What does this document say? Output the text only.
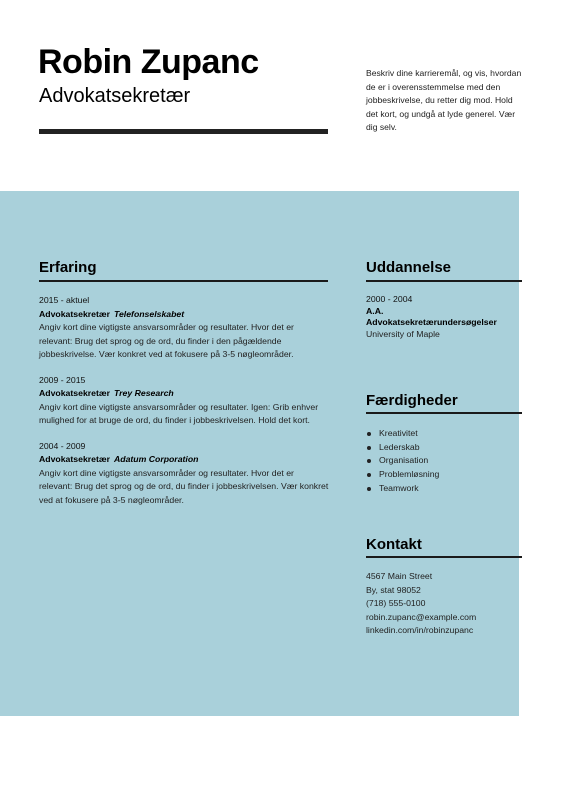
Robin Zupanc
Advokatsekretær
Beskriv dine karrieremål, og vis, hvordan de er i overensstemmelse med den jobbeskrivelse, du retter dig mod. Hold det kort, og undgå at lyde generel. Vær dig selv.
Erfaring
2015 - aktuel
Advokatsekretær Telefonselskabet
Angiv kort dine vigtigste ansvarsområder og resultater. Hvor det er relevant: Brug det sprog og de ord, du finder i den pågældende jobbeskrivelse. Vær konkret ved at fokusere på 3-5 nøgleområder.
2009 - 2015
Advokatsekretær Trey Research
Angiv kort dine vigtigste ansvarsområder og resultater. Igen: Grib enhver mulighed for at bruge de ord, du finder i jobbeskrivelsen. Hold det kort.
2004 - 2009
Advokatsekretær Adatum Corporation
Angiv kort dine vigtigste ansvarsområder og resultater. Hvor det er relevant: Brug det sprog og de ord, du finder i jobbeskrivelsen. Vær konkret ved at fokusere på 3-5 nøgleområder.
Uddannelse
2000 - 2004
A.A.
Advokatsekretærundersøgelser
University of Maple
Færdigheder
Kreativitet
Lederskab
Organisation
Problemløsning
Teamwork
Kontakt
4567 Main Street
By, stat 98052
(718) 555-0100
robin.zupanc@example.com
linkedin.com/in/robinzupanc
